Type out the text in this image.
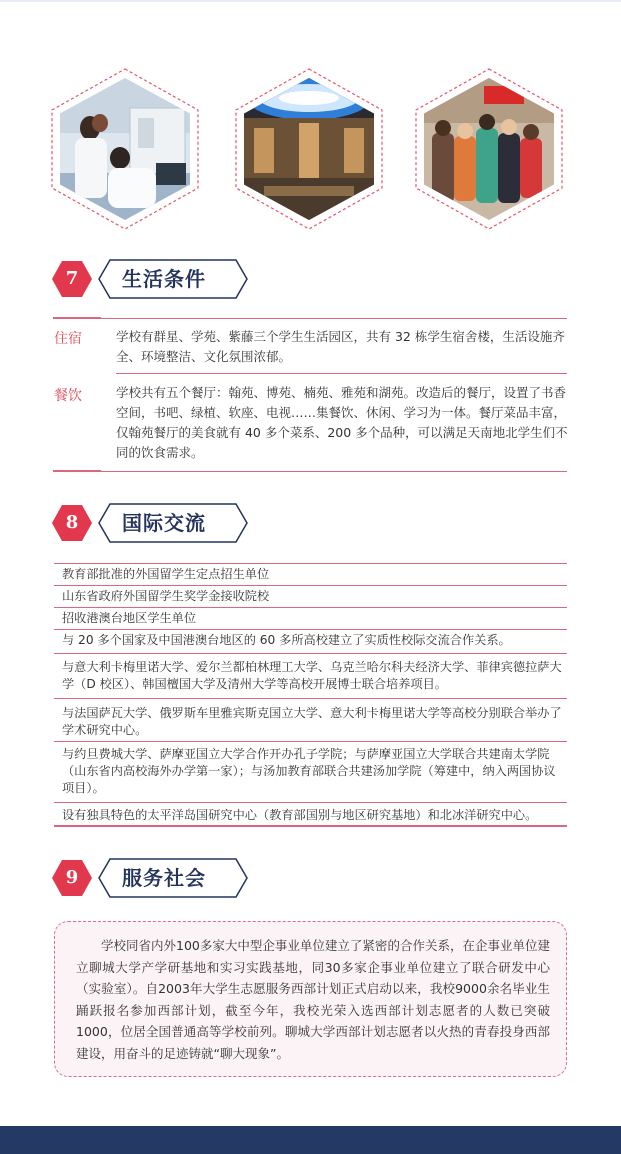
7	生活条件
住宿	学校有群星、学苑、紫藤三个学生生活园区，共有 32 栋学生宿舍楼，生活设施齐全、环境整洁、文化氛围浓郁。
餐饮	学校共有五个餐厅：翰苑、博苑、楠苑、雅苑和湖苑。改造后的餐厅，设置了书香空间，书吧、绿植、软座、电视……集餐饮、休闲、学习为一体。餐厅菜品丰富，仅翰苑餐厅的美食就有 40 多个菜系、200 多个品种，可以满足天南地北学生们不同的饮食需求。
8	国际交流
教育部批准的外国留学生定点招生单位
山东省政府外国留学生奖学金接收院校
招收港澳台地区学生单位
与 20 多个国家及中国港澳台地区的 60 多所高校建立了实质性校际交流合作关系。
与意大利卡梅里诺大学、爱尔兰都柏林理工大学、乌克兰哈尔科夫经济大学、菲律宾德拉萨大学（D 校区）、韩国檀国大学及清州大学等高校开展博士联合培养项目。
与法国萨瓦大学、俄罗斯车里雅宾斯克国立大学、意大利卡梅里诺大学等高校分别联合举办了学术研究中心。
与约旦费城大学、萨摩亚国立大学合作开办孔子学院；与萨摩亚国立大学联合共建南太学院（山东省内高校海外办学第一家）；与汤加教育部联合共建汤加学院（筹建中，纳入两国协议项目）。
设有独具特色的太平洋岛国研究中心（教育部国别与地区研究基地）和北冰洋研究中心。
9	服务社会
学校同省内外100多家大中型企事业单位建立了紧密的合作关系，在企事业单位建立聊城大学产学研基地和实习实践基地，同30多家企事业单位建立了联合研发中心（实验室）。自2003年大学生志愿服务西部计划正式启动以来，我校9000余名毕业生踊跃报名参加西部计划，截至今年，我校光荣入选西部计划志愿者的人数已突破1000，位居全国普通高等学校前列。聊城大学西部计划志愿者以火热的青春投身西部建设，用奋斗的足迹铸就“聊大现象”。
